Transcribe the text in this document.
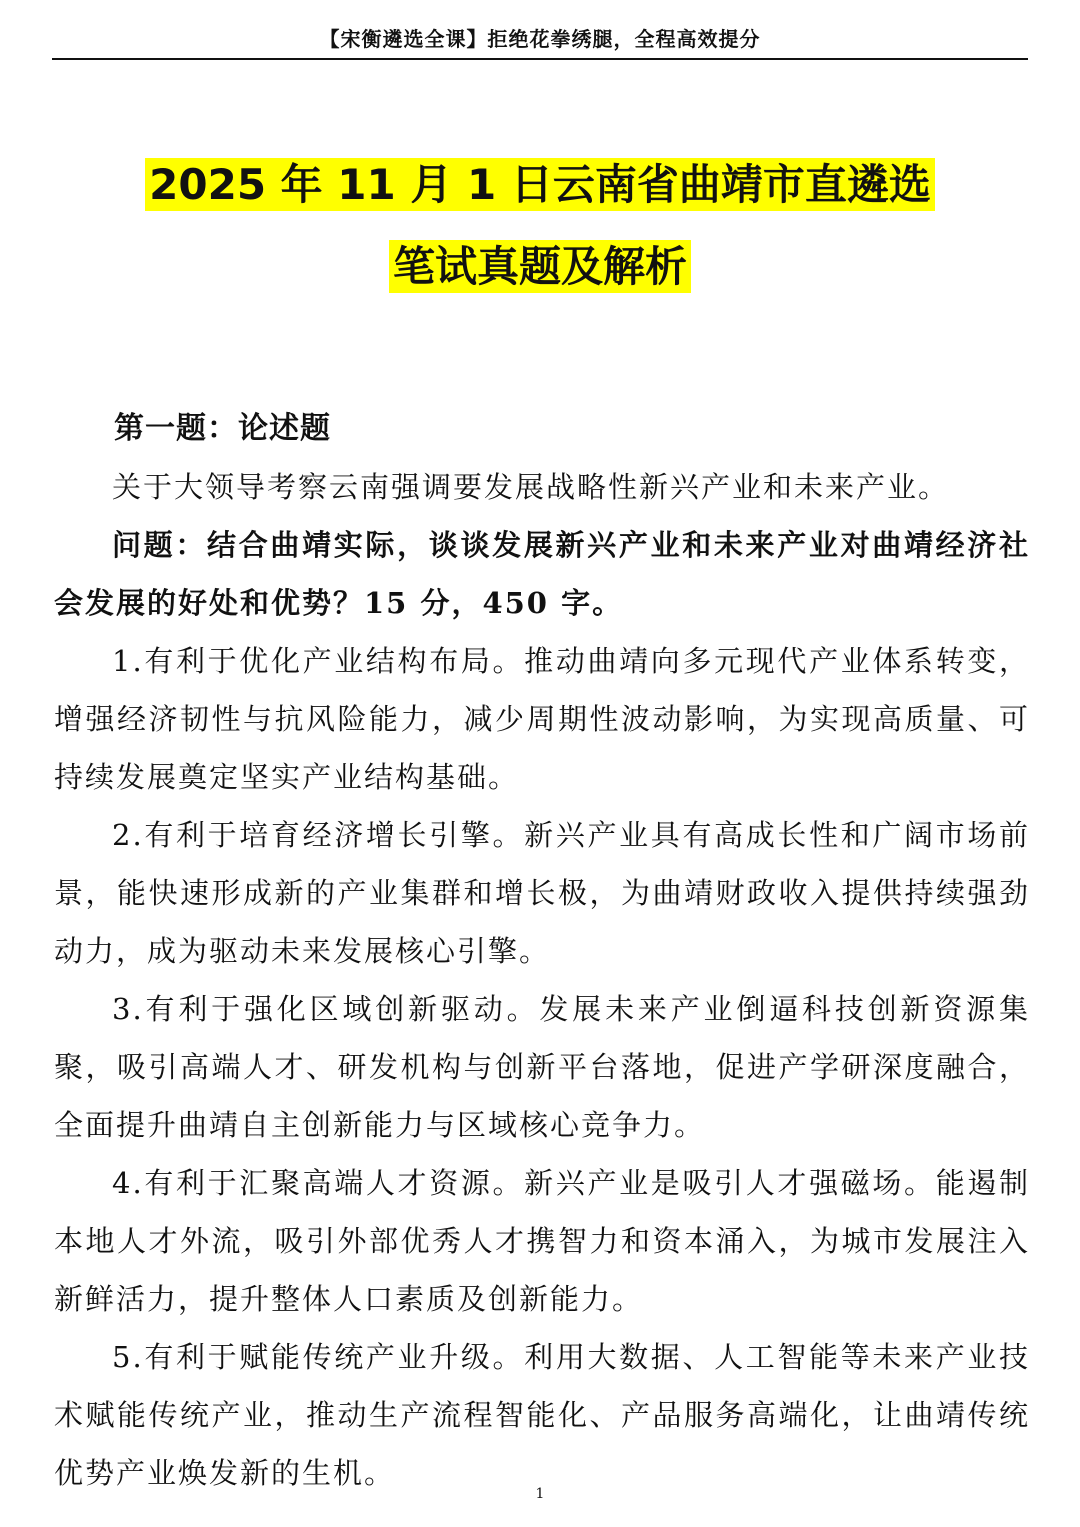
【宋衡遴选全课】拒绝花拳绣腿，全程高效提分
2025 年 11 月 1 日云南省曲靖市直遴选
笔试真题及解析

第一题：论述题

关于大领导考察云南强调要发展战略性新兴产业和未来产业。

问题：结合曲靖实际，谈谈发展新兴产业和未来产业对曲靖经济社会发展的好处和优势？15 分，450 字。

1.有利于优化产业结构布局。推动曲靖向多元现代产业体系转变，增强经济韧性与抗风险能力，减少周期性波动影响，为实现高质量、可持续发展奠定坚实产业结构基础。

2.有利于培育经济增长引擎。新兴产业具有高成长性和广阔市场前景，能快速形成新的产业集群和增长极，为曲靖财政收入提供持续强劲动力，成为驱动未来发展核心引擎。

3.有利于强化区域创新驱动。发展未来产业倒逼科技创新资源集聚，吸引高端人才、研发机构与创新平台落地，促进产学研深度融合，全面提升曲靖自主创新能力与区域核心竞争力。

4.有利于汇聚高端人才资源。新兴产业是吸引人才强磁场。能遏制本地人才外流，吸引外部优秀人才携智力和资本涌入，为城市发展注入新鲜活力，提升整体人口素质及创新能力。

5.有利于赋能传统产业升级。利用大数据、人工智能等未来产业技术赋能传统产业，推动生产流程智能化、产品服务高端化，让曲靖传统优势产业焕发新的生机。

1
